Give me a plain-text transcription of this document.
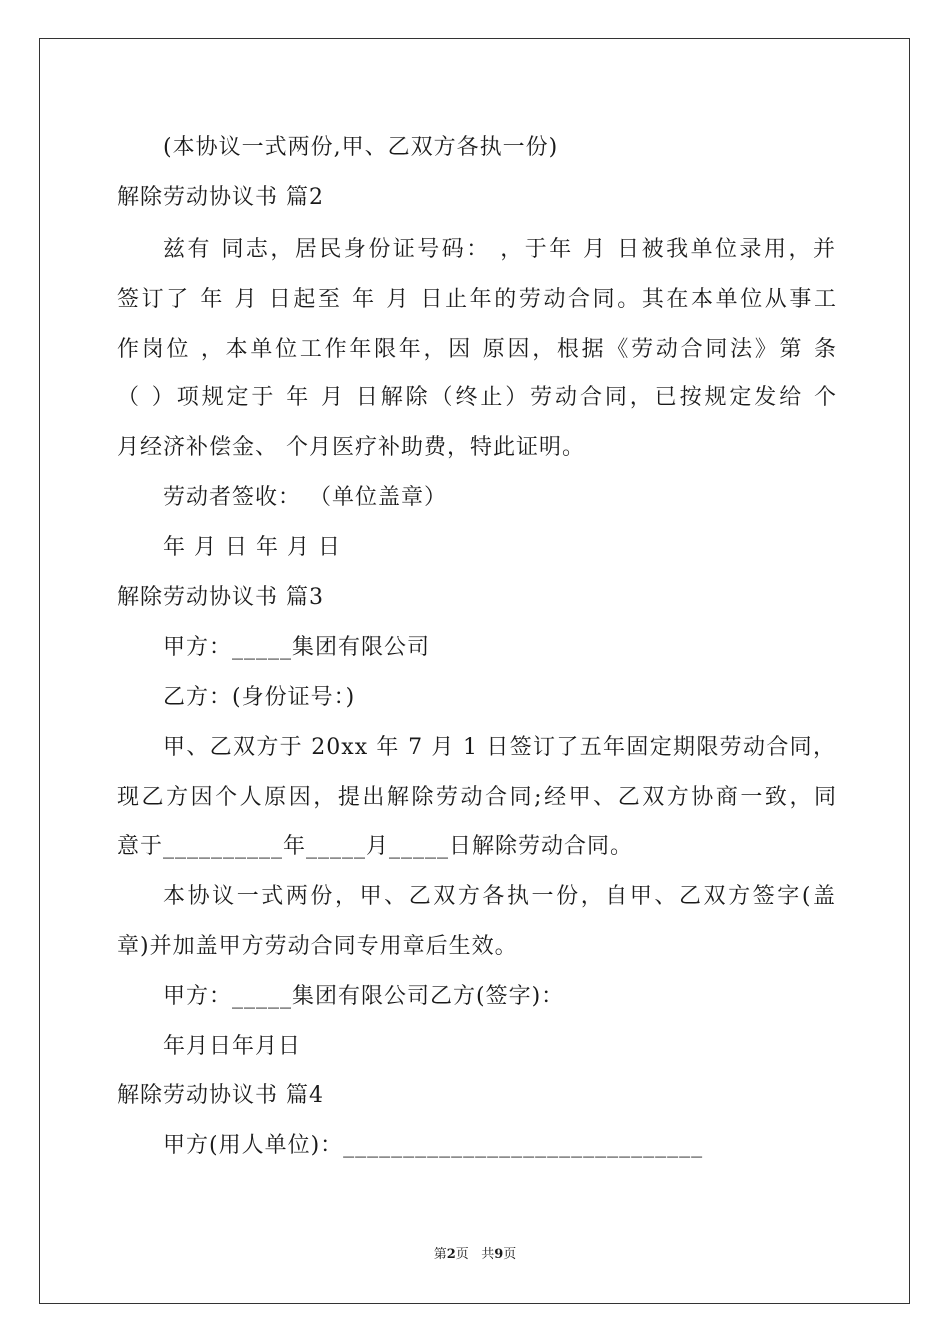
(本协议一式两份,甲、乙双方各执一份)
解除劳动协议书 篇2
兹有 同志，居民身份证号码： ，于年 月 日被我单位录用，并
签订了 年 月 日起至 年 月 日止年的劳动合同。其在本单位从事工
作岗位 ，本单位工作年限年，因 原因，根据《劳动合同法》第 条
（ ）项规定于 年 月 日解除（终止）劳动合同，已按规定发给 个
月经济补偿金、 个月医疗补助费，特此证明。
劳动者签收： （单位盖章）
年 月 日 年 月 日
解除劳动协议书 篇3
甲方：_____集团有限公司
乙方：(身份证号：)
甲、乙双方于 20xx 年 7 月 1 日签订了五年固定期限劳动合同，
现乙方因个人原因，提出解除劳动合同;经甲、乙双方协商一致，同
意于__________年_____月_____日解除劳动合同。
本协议一式两份，甲、乙双方各执一份，自甲、乙双方签字(盖
章)并加盖甲方劳动合同专用章后生效。
甲方：_____集团有限公司乙方(签字)：
年月日年月日
解除劳动协议书 篇4
甲方(用人单位)：______________________________
第2页   共9页
